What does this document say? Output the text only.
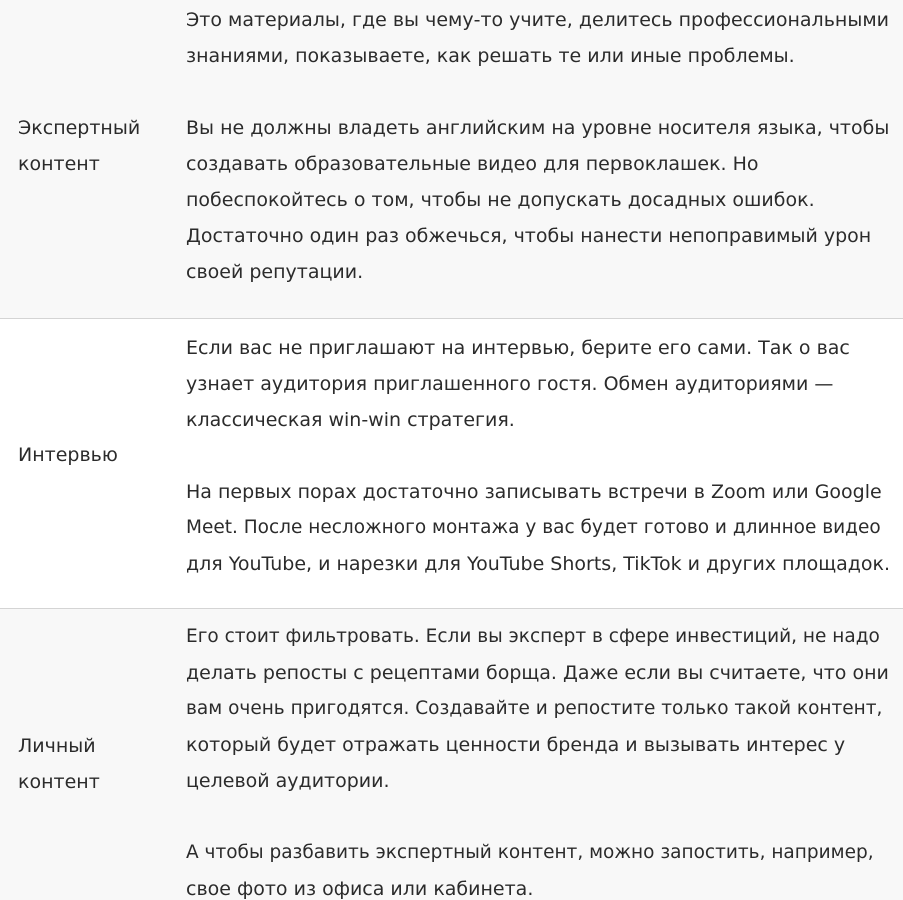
Экспертный
контент
Это материалы, где вы чему-то учите, делитесь профессиональными
знаниями, показываете, как решать те или иные проблемы.
Вы не должны владеть английским на уровне носителя языка, чтобы
создавать образовательные видео для первоклашек. Но
побеспокойтесь о том, чтобы не допускать досадных ошибок.
Достаточно один раз обжечься, чтобы нанести непоправимый урон
своей репутации.
Интервью
Если вас не приглашают на интервью, берите его сами. Так о вас
узнает аудитория приглашенного гостя. Обмен аудиториями —
классическая win-win стратегия.
На первых порах достаточно записывать встречи в Zoom или Google
Meet. После несложного монтажа у вас будет готово и длинное видео
для YouTube, и нарезки для YouTube Shorts, TikTok и других площадок.
Личный
контент
Его стоит фильтровать. Если вы эксперт в сфере инвестиций, не надо
делать репосты с рецептами борща. Даже если вы считаете, что они
вам очень пригодятся. Создавайте и репостите только такой контент,
который будет отражать ценности бренда и вызывать интерес у
целевой аудитории.
А чтобы разбавить экспертный контент, можно запостить, например,
свое фото из офиса или кабинета.
